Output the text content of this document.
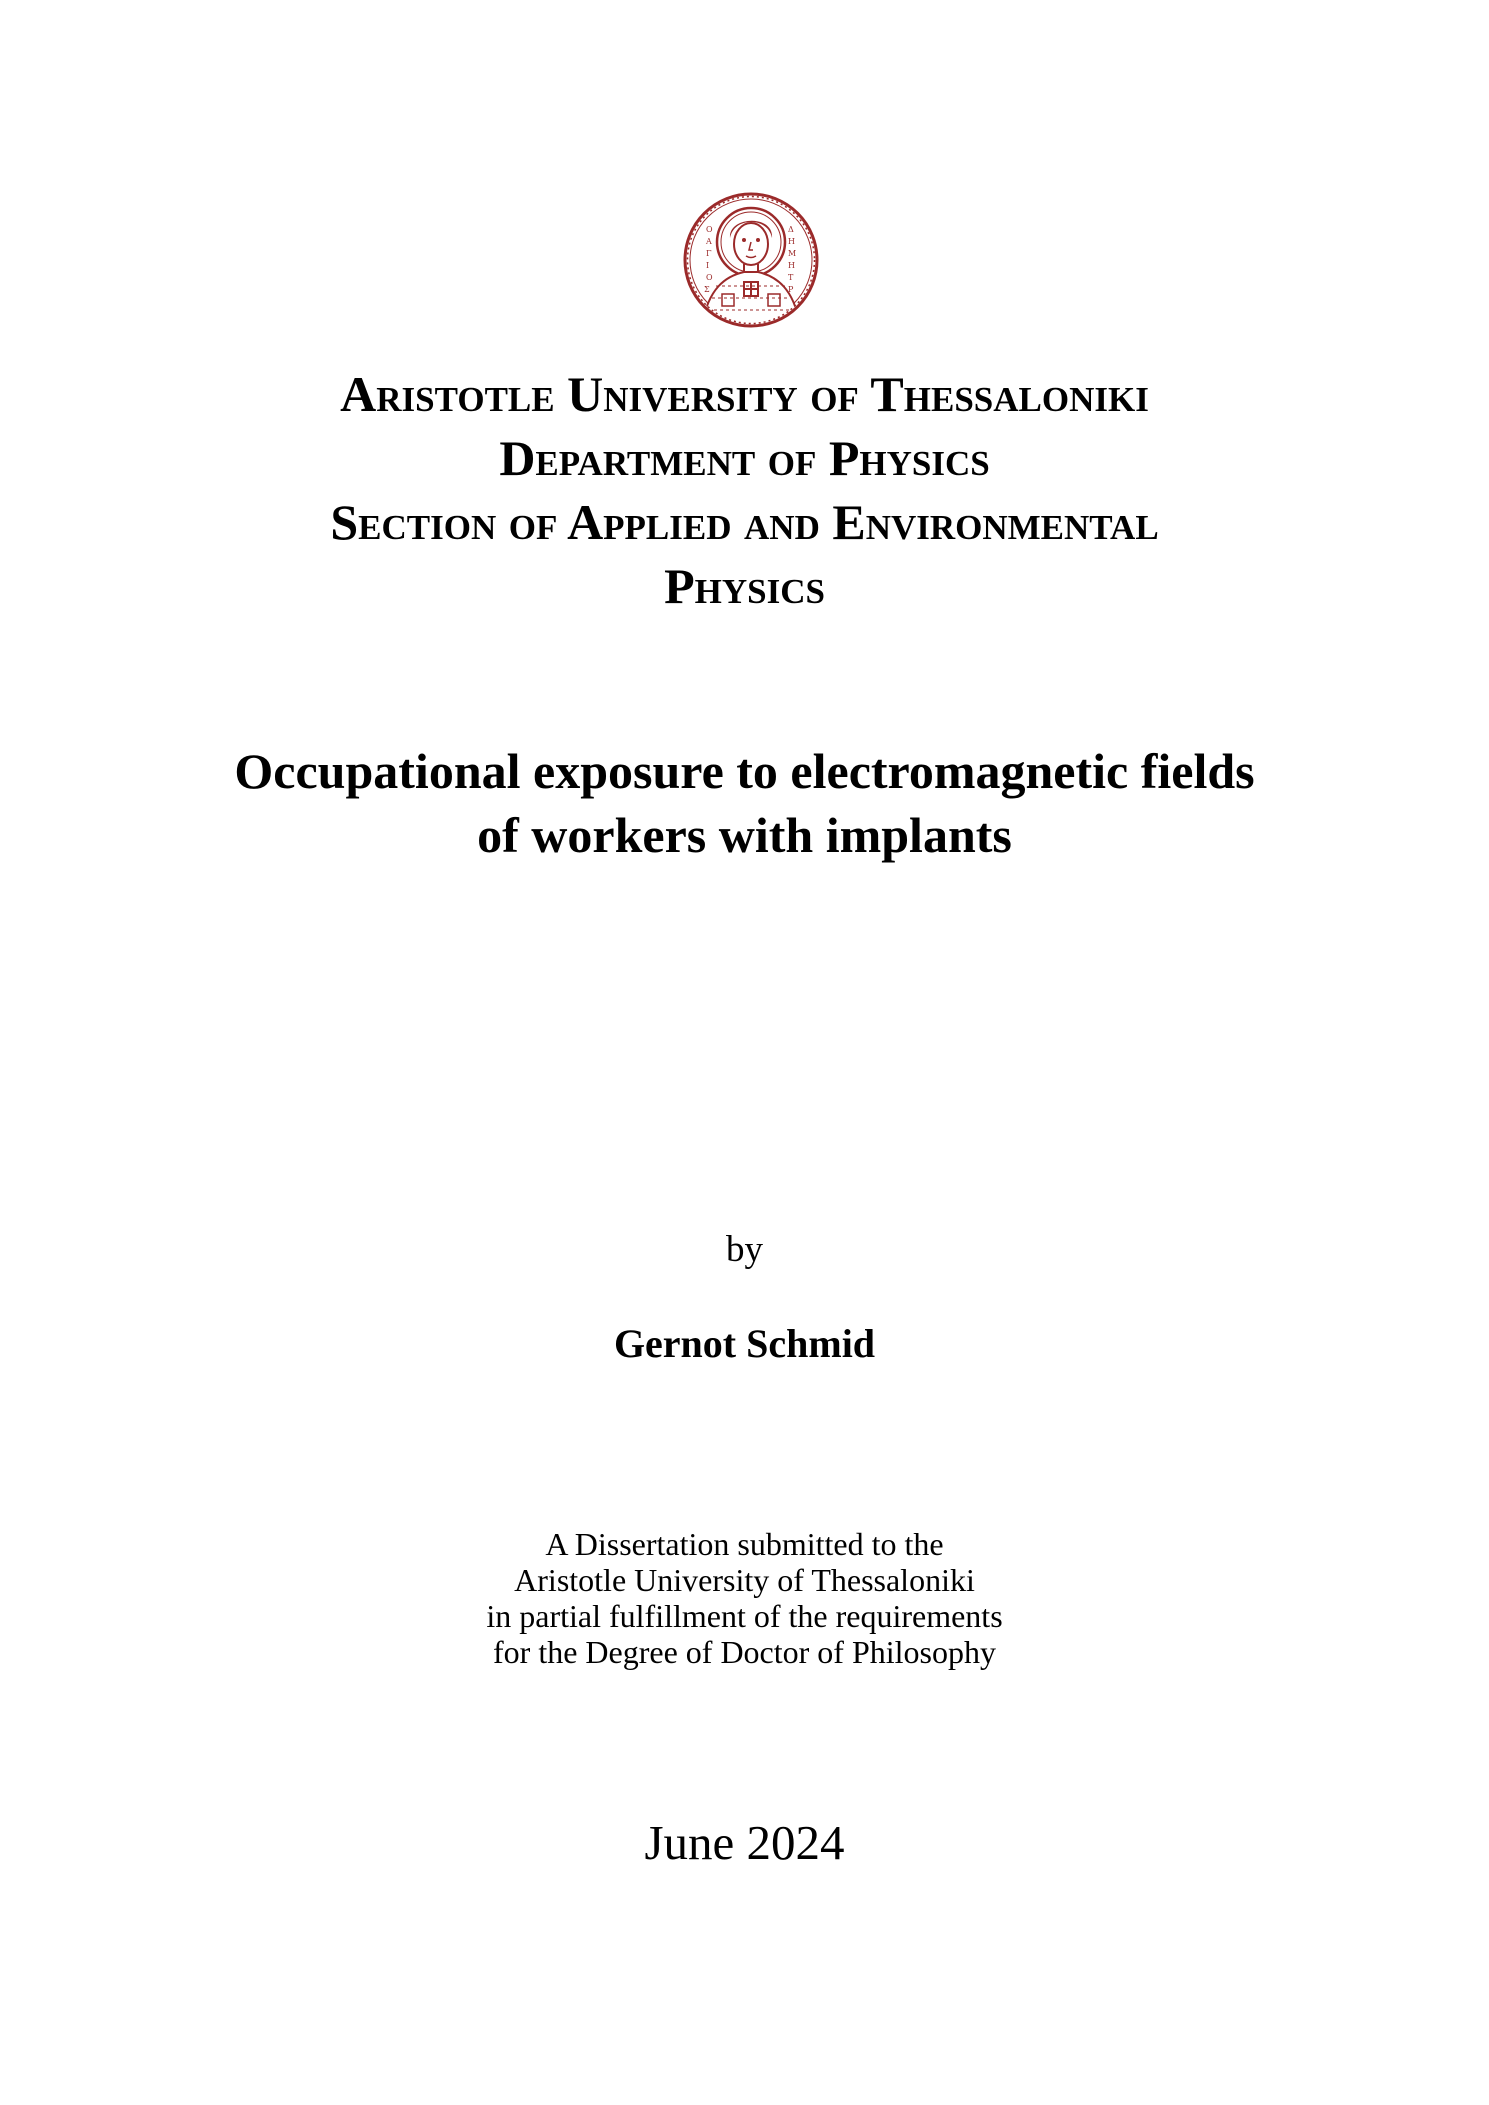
Ο
Α
Γ
Ι
Ο
Σ
Δ
Η
Μ
Η
Τ
Ρ
Aristotle University of Thessaloniki
Department of Physics
Section of Applied and Environmental
Physics
Occupational exposure to electromagnetic fields
of workers with implants
by
Gernot Schmid
A Dissertation submitted to the
Aristotle University of Thessaloniki
in partial fulfillment of the requirements
for the Degree of Doctor of Philosophy
June 2024
